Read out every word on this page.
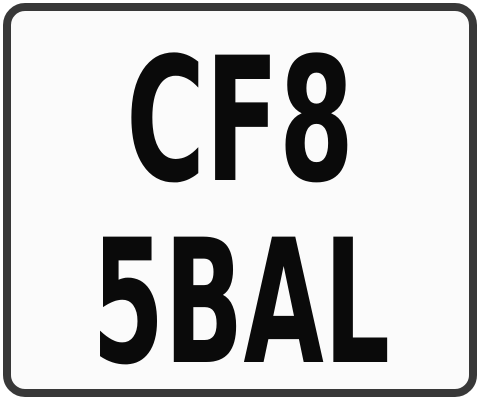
CF8
5BAL
